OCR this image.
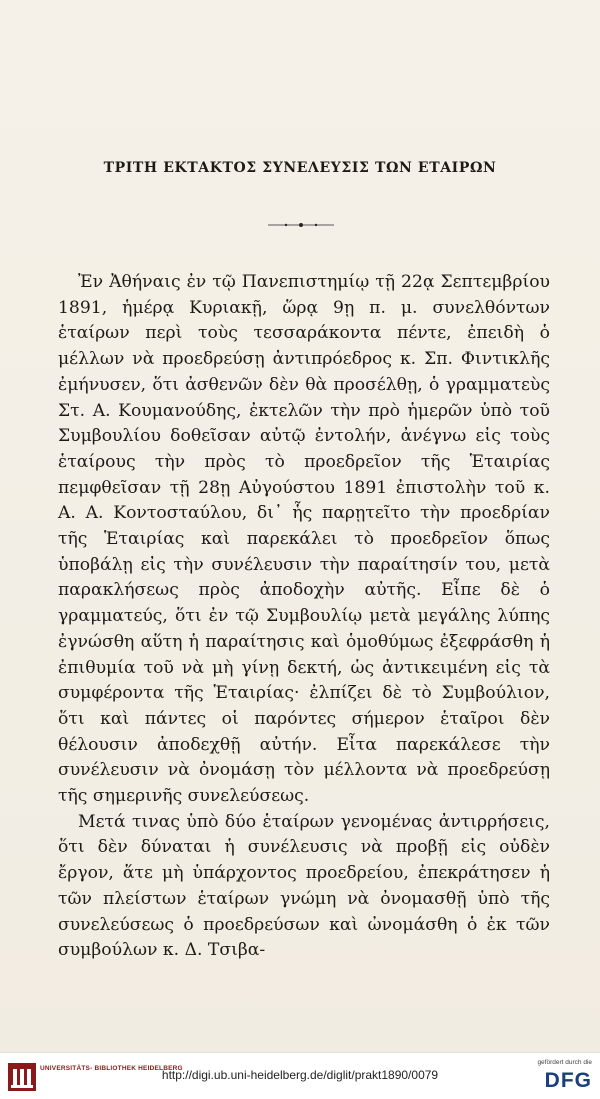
ΤΡΙΤΗ ΕΚΤΑΚΤΟΣ ΣΥΝΕΛΕΥΣΙΣ ΤΩΝ ΕΤΑΙΡΩΝ

Ἐν Ἀθήναις ἐν τῷ Πανεπιστημίῳ τῇ 22ᾳ Σεπτεμβρίου 1891, ἡμέρᾳ Κυριακῇ, ὥρᾳ 9ῃ π. μ. συνελθόντων ἑταίρων περὶ τοὺς τεσσαράκοντα πέντε, ἐπειδὴ ὁ μέλλων νὰ προεδρεύσῃ ἀντιπρόεδρος κ. Σπ. Φιντικλῆς ἐμήνυσεν, ὅτι ἀσθενῶν δὲν θὰ προσέλθῃ, ὁ γραμματεὺς Στ. Α. Κουμανούδης, ἐκτελῶν τὴν πρὸ ἡμερῶν ὑπὸ τοῦ Συμβουλίου δοθεῖσαν αὐτῷ ἐντολήν, ἀνέγνω εἰς τοὺς ἑταίρους τὴν πρὸς τὸ προεδρεῖον τῆς Ἑταιρίας πεμφθεῖσαν τῇ 28ῃ Αὐγούστου 1891 ἐπιστολὴν τοῦ κ. Α. Α. Κοντοσταύλου, δι᾽ ἧς παρῃτεῖτο τὴν προεδρίαν τῆς Ἑταιρίας καὶ παρεκάλει τὸ προεδρεῖον ὅπως ὑποβάλῃ εἰς τὴν συνέλευσιν τὴν παραίτησίν του, μετὰ παρακλήσεως πρὸς ἀποδοχὴν αὐτῆς. Εἶπε δὲ ὁ γραμματεύς, ὅτι ἐν τῷ Συμβουλίῳ μετὰ μεγάλης λύπης ἐγνώσθη αὕτη ἡ παραίτησις καὶ ὁμοθύμως ἐξεφράσθη ἡ ἐπιθυμία τοῦ νὰ μὴ γίνῃ δεκτή, ὡς ἀντικειμένη εἰς τὰ συμφέροντα τῆς Ἑταιρίας· ἐλπίζει δὲ τὸ Συμβούλιον, ὅτι καὶ πάντες οἱ παρόντες σήμερον ἑταῖροι δὲν θέλουσιν ἀποδεχθῇ αὐτήν. Εἶτα παρεκάλεσε τὴν συνέλευσιν νὰ ὀνομάσῃ τὸν μέλλοντα νὰ προεδρεύσῃ τῆς σημερινῆς συνελεύσεως.

Μετά τινας ὑπὸ δύο ἑταίρων γενομένας ἀντιρρήσεις, ὅτι δὲν δύναται ἡ συνέλευσις νὰ προβῇ εἰς οὐδὲν ἔργον, ἅτε μὴ ὑπάρχοντος προεδρείου, ἐπεκράτησεν ἡ τῶν πλείστων ἑταίρων γνώμη νὰ ὀνομασθῇ ὑπὸ τῆς συνελεύσεως ὁ προεδρεύσων καὶ ὠνομάσθη ὁ ἐκ τῶν συμβούλων κ. Δ. Τσιβα-

UNIVERSITÄTS- BIBLIOTHEK HEIDELBERG
http://digi.ub.uni-heidelberg.de/diglit/prakt1890/0079
gefördert durch die
DFG
